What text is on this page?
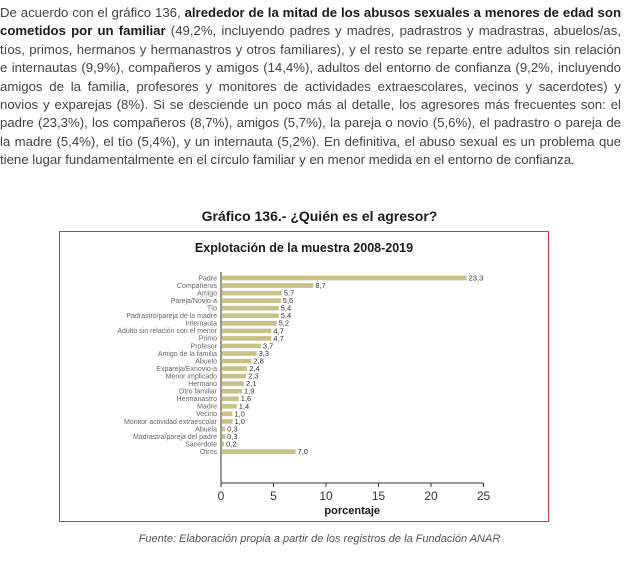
De acuerdo con el gráfico 136, alrededor de la mitad de los abusos sexuales a menores de edad son cometidos por un familiar (49,2%, incluyendo padres y madres, padrastros y madrastras, abuelos/as, tíos, primos, hermanos y hermanastros y otros familiares), y el resto se reparte entre adultos sin relación e internautas (9,9%), compañeros y amigos (14,4%), adultos del entorno de confianza (9,2%, incluyendo amigos de la familia, profesores y monitores de actividades extraescolares, vecinos y sacerdotes) y novios y exparejas (8%). Si se desciende un poco más al detalle, los agresores más frecuentes son: el padre (23,3%), los compañeros (8,7%), amigos (5,7%), la pareja o novio (5,6%), el padrastro o pareja de la madre (5,4%), el tío (5,4%), y un internauta (5,2%). En definitiva, el abuso sexual es un problema que tiene lugar fundamentalmente en el círculo familiar y en menor medida en el entorno de confianza.
Gráfico 136.- ¿Quién es el agresor?
Explotación de la muestra 2008-2019
Padre	23,3
Compañeros	8,7
Amigo	5,7
Pareja/Novio-a	5,6
Tío	5,4
Padrastro/pareja de la madre	5,4
Internauta	5,2
Adulto sin relación con el menor	4,7
Primo	4,7
Profesor	3,7
Amigo de la familia	3,3
Abuelo	2,8
Expareja/Exnovio-a	2,4
Menor implicado	2,3
Hermano	2,1
Otro familiar	1,9
Hermanastro	1,6
Madre	1,4
Vecino 1,0
Monitor actividad extraescolar 1,0
Abuela 0,3
Madrastra/pareja del padre 0,3
Sacerdote 0,2
Otros	7,0
0	5	10	15	20	25
porcentaje
Fuente: Elaboración propia a partir de los registros de la Fundación ANAR
